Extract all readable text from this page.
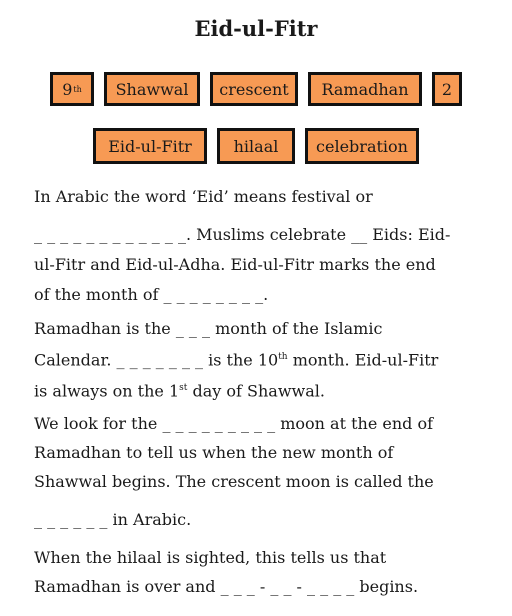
Eid-ul-Fitr
9 th Shawwal crescent Ramadhan 2
Eid-ul-Fitr	hilaal celebration
In Arabic the word ‘Eid’ means festival or
_ _ _ _ _ _ _ _ _ _ _ _. Muslims celebrate __ Eids: Eid-
ul-Fitr and Eid-ul-Adha. Eid-ul-Fitr marks the end
of the month of _ _ _ _ _ _ _ _.
Ramadhan is the _ _ _ month of the Islamic
Calendar. _ _ _ _ _ _ _ is the 10th month. Eid-ul-Fitr
is always on the 1st day of Shawwal.
We look for the _ _ _ _ _ _ _ _ _ moon at the end of
Ramadhan to tell us when the new month of
Shawwal begins. The crescent moon is called the
_ _ _ _ _ _ in Arabic.
When the hilaal is sighted, this tells us that
Ramadhan is over and _ _ _ - _ _ - _ _ _ _ begins.
